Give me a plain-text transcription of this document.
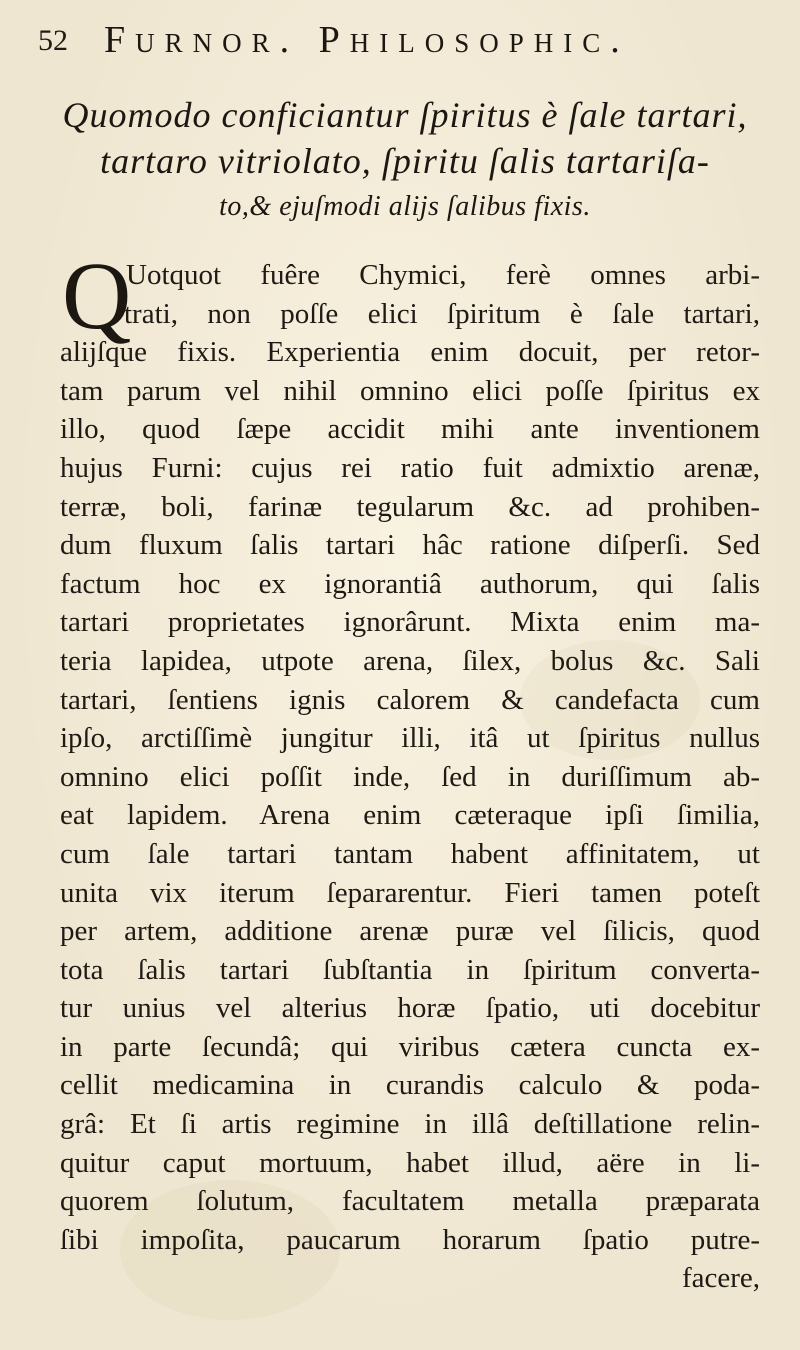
52 Furnor. Philosophic.
Quomodo conficiantur ſpiritus è ſale tartari,
tartaro vitriolato, ſpiritu ſalis tartariſa-
to,& ejuſmodi alijs ſalibus fixis.
Q
Uotquot fuêre Chymici, ferè omnes arbi-
trati, non poſſe elici ſpiritum è ſale tartari,
alijſque fixis. Experientia enim docuit, per retor-
tam parum vel nihil omnino elici poſſe ſpiritus ex
illo, quod ſæpe accidit mihi ante inventionem
hujus Furni: cujus rei ratio fuit admixtio arenæ,
terræ, boli, farinæ tegularum &c. ad prohiben-
dum fluxum ſalis tartari hâc ratione diſperſi. Sed
factum hoc ex ignorantiâ authorum, qui ſalis
tartari proprietates ignorârunt. Mixta enim ma-
teria lapidea, utpote arena, ſilex, bolus &c. Sali
tartari, ſentiens ignis calorem & candefacta cum
ipſo, arctiſſimè jungitur illi, itâ ut ſpiritus nullus
omnino elici poſſit inde, ſed in duriſſimum ab-
eat lapidem. Arena enim cæteraque ipſi ſimilia,
cum ſale tartari tantam habent affinitatem, ut
unita vix iterum ſepararentur. Fieri tamen poteſt
per artem, additione arenæ puræ vel ſilicis, quod
tota ſalis tartari ſubſtantia in ſpiritum converta-
tur unius vel alterius horæ ſpatio, uti docebitur
in parte ſecundâ; qui viribus cætera cuncta ex-
cellit medicamina in curandis calculo & poda-
grâ: Et ſi artis regimine in illâ deſtillatione relin-
quitur caput mortuum, habet illud, aëre in li-
quorem ſolutum, facultatem metalla præparata
ſibi impoſita, paucarum horarum ſpatio putre-
facere,
